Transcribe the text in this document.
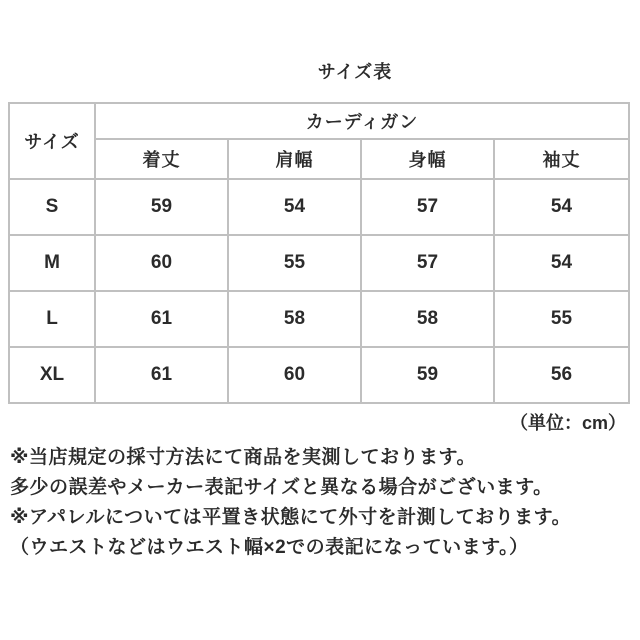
サイズ表
サイズ	カーディガン			
	着丈	肩幅	身幅	袖丈
S	59	54	57	54
M	60	55	57	54
L	61	58	58	55
XL	61	60	59	56
（単位：cm）

※当店規定の採寸方法にて商品を実測しております。

多少の誤差やメーカー表記サイズと異なる場合がございます。

※アパレルについては平置き状態にて外寸を計測しております。

（ウエストなどはウエスト幅×2での表記になっています。）
